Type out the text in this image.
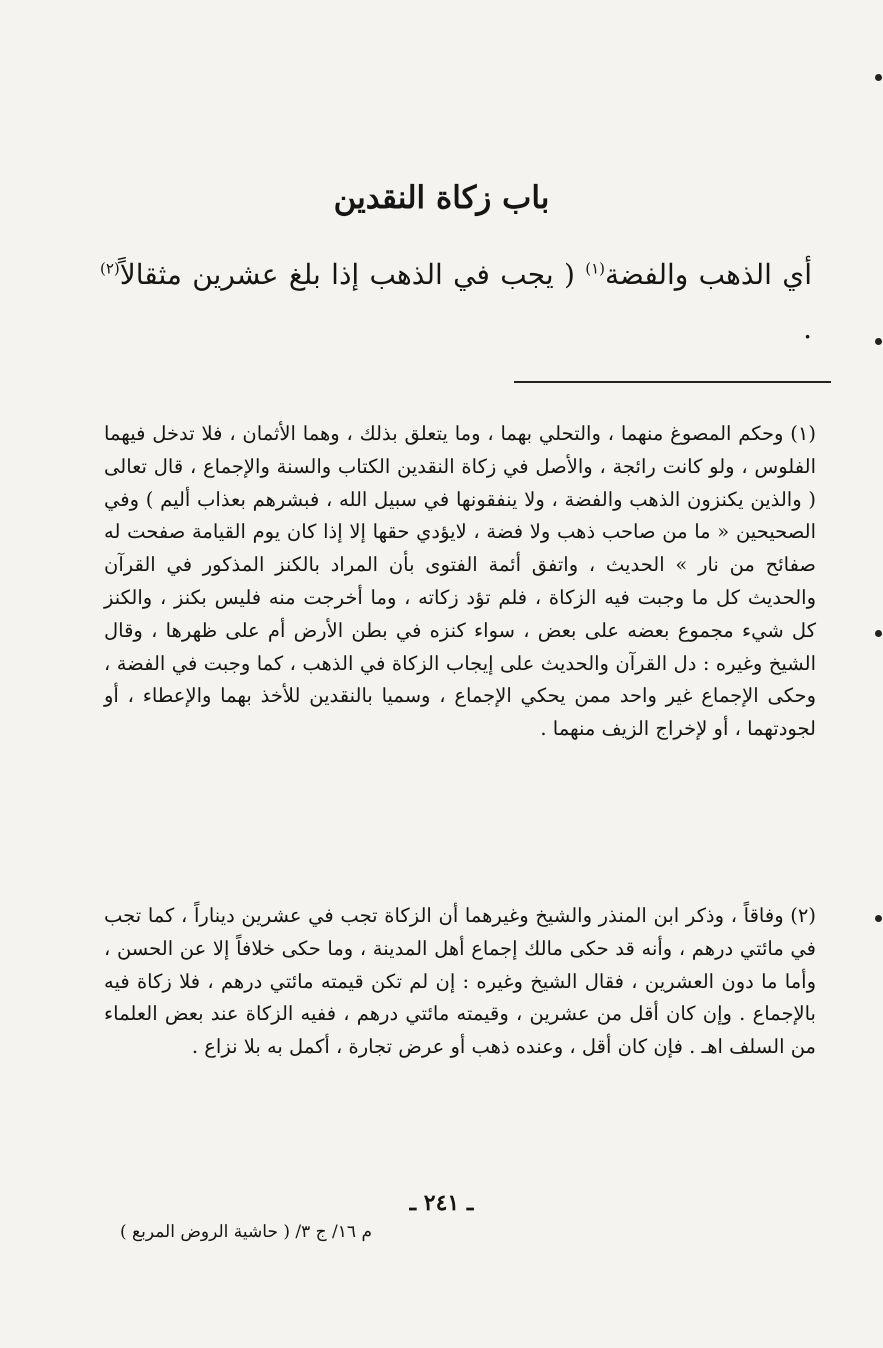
باب زكاة النقدين

أي الذهب والفضة$^{(١)}$ ( يجب في الذهب إذا بلغ عشرين مثقالاً$^{(٢)}$ .

(١) وحكم المصوغ منهما ، والتحلي بهما ، وما يتعلق بذلك ، وهما الأثمان ، فلا تدخل فيهما الفلوس ، ولو كانت رائجة ، والأصل في زكاة النقدين الكتاب والسنة والإجماع ، قال تعالى ( والذين يكنزون الذهب والفضة ، ولا ينفقونها في سبيل الله ، فبشرهم بعذاب أليم ) وفي الصحيحين « ما من صاحب ذهب ولا فضة ، لايؤدي حقها إلا إذا كان يوم القيامة صفحت له صفائح من نار » الحديث ، واتفق أئمة الفتوى بأن المراد بالكنز المذكور في القرآن والحديث كل ما وجبت فيه الزكاة ، فلم تؤد زكاته ، وما أخرجت منه فليس بكنز ، والكنز كل شيء مجموع بعضه على بعض ، سواء كنزه في بطن الأرض أم على ظهرها ، وقال الشيخ وغيره : دل القرآن والحديث على إيجاب الزكاة في الذهب ، كما وجبت في الفضة ، وحكى الإجماع غير واحد ممن يحكي الإجماع ، وسميا بالنقدين للأخذ بهما والإعطاء ، أو لجودتهما ، أو لإخراج الزيف منهما .

(٢) وفاقاً ، وذكر ابن المنذر والشيخ وغيرهما أن الزكاة تجب في عشرين ديناراً ، كما تجب في مائتي درهم ، وأنه قد حكى مالك إجماع أهل المدينة ، وما حكى خلافاً إلا عن الحسن ، وأما ما دون العشرين ، فقال الشيخ وغيره : إن لم تكن قيمته مائتي درهم ، فلا زكاة فيه بالإجماع . وإن كان أقل من عشرين ، وقيمته مائتي درهم ، ففيه الزكاة عند بعض العلماء من السلف اهـ . فإن كان أقل ، وعنده ذهب أو عرض تجارة ، أكمل به بلا نزاع .

ـ ٢٤١ ـ

م ١٦/ ج ٣/ ( حاشية الروض المربع )
